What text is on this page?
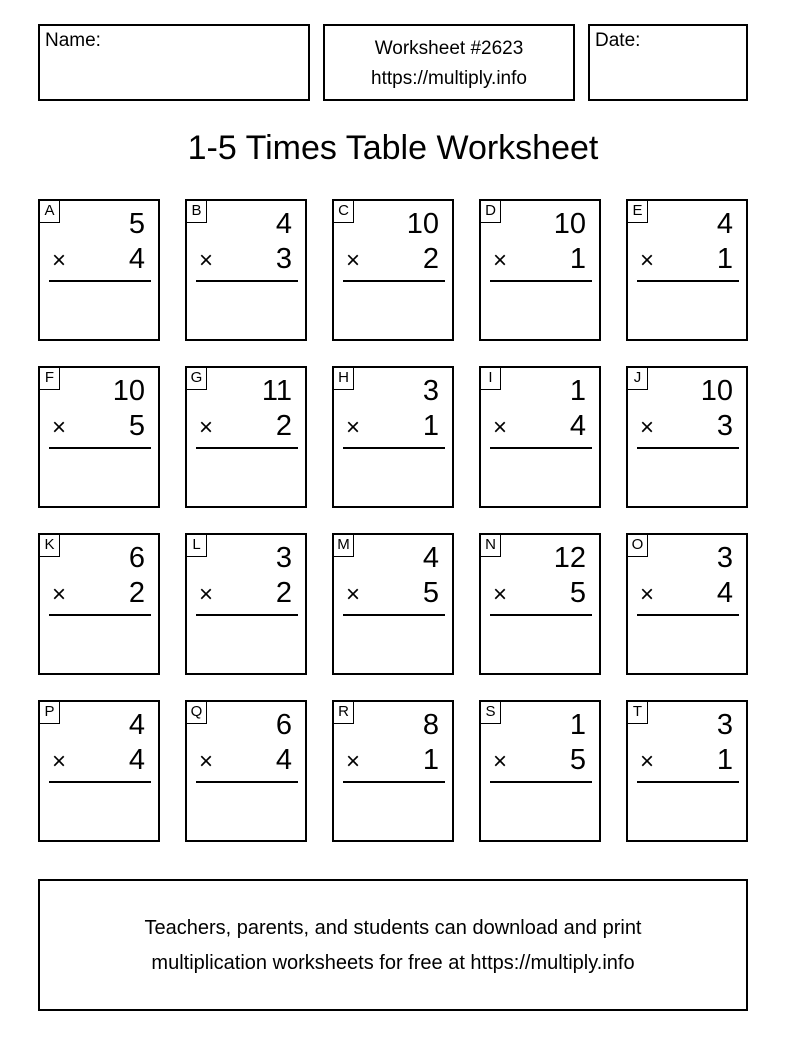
Name:	Worksheet #2623
https://multiply.info
Date:
1-5 Times Table Worksheet
A	5
× 4
B	4
× 3
C 10
× 2
D 10
× 1
E	4
× 1
F 10
× 5
G 11
× 2
H	3
× 1
I	1
× 4
J 10
× 3
K	6
× 2
L	3
× 2
M	4
× 5
N 12
× 5
O	3
× 4
P	4
× 4
Q	6
× 4
R	8
× 1
S	1
× 5
T	3
× 1
Teachers, parents, and students can download and print
multiplication worksheets for free at https://multiply.info
